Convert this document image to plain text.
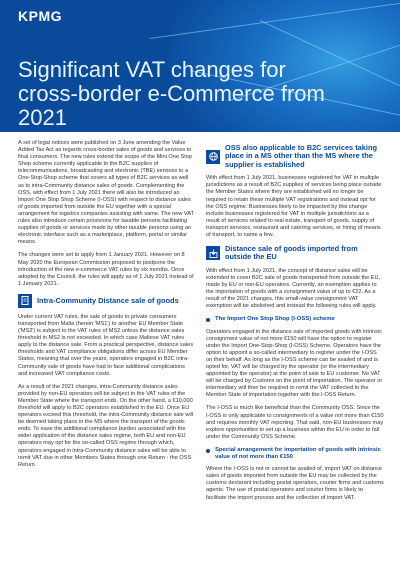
KPMG
Significant VAT changes for cross-border e-Commerce from 2021

A set of legal notices were published on 3 June amending the Value Added Tax Act as regards cross-border sales of goods and services to final consumers. The new rules extend the scope of the Mini One Stop Shop scheme currently applicable to the B2C supplies of telecommunications, broadcasting and electronic (TBE) services to a One-Stop-Shop scheme that covers all types of B2C services as well as to intra-Community distance sales of goods. Complementing the OSS, with effect from 1 July 2021 there will also be introduced an Import One Stop Shop Scheme (I-OSS) with respect to distance sales of goods imported from outside the EU together with a special arrangement for logistics companies assisting with same. The new VAT rules also introduce certain provisions for taxable persons facilitating supplies of goods or services made by other taxable persons using an electronic interface such as a marketplace, platform, portal or similar means.

The changes were set to apply from 1 January 2021. However on 8 May 2020 the European Commission proposed to postpone the introduction of the new e-commerce VAT rules by six months. Once adopted by the Council, the rules will apply as of 1 July 2021 instead of 1 January 2021.

Intra-Community Distance sale of goods

Under current VAT rules, the sale of goods to private consumers transported from Malta (herein 'MS1') to another EU Member State ('MS2') is subject to the VAT rules of MS2 unless the distance sales threshold in MS2 is not exceeded. In which case Maltese VAT rules apply to the distance sale. From a practical perspective, distance sales thresholds and VAT compliance obligations differ across EU Member States, meaning that over the years, operators engaged in B2C intra-Community sale of goods have had to face additional complications and increased VAT compliance costs.

As a result of the 2021 changes, intra-Community distance sales provided by non-EU operators will be subject to the VAT rules of the Member State where the transport ends. On the other hand, a €10,000 threshold will apply to B2C operators established in the EU. Once EU operators exceed this threshold, the intra-Community distance sale will be deemed taking place in the MS where the transport of the goods ends. To ease the additional compliance burden associated with the wider application of the distance sales regime, both EU and non-EU operators may opt for the so-called OSS regime through which, operators engaged in intra-Community distance sales will be able to remit VAT due in other Members States through one Return - the OSS Return.

OSS also applicable to B2C services taking place in a MS other than the MS where the supplier is established

With effect from 1 July 2021, businesses registered for VAT in multiple jurisdictions as a result of B2C supplies of services being place outside the Member States where they are established will no longer be required to retain these multiple VAT registrations and instead opt for the OSS regime. Businesses likely to be impacted by this change include businesses registered for VAT in multiple jurisdictions as a result of services related to real estate, transport of goods, supply of transport services, restaurant and catering services, or hiring of means of transport, to name a few.

Distance sale of goods imported from outside the EU

With effect from 1 July 2021, the concept of distance sales will be extended to cover B2C sale of goods transported from outside the EU, made by EU or non-EU operators. Currently, an exemption applies to the importation of goods with a consignment value of up to €22. As a result of the 2021 changes, this small-value consignment VAT exemption will be abolished and instead the following rules will apply.

The Import One Stop Shop (I-OSS) scheme

Operators engaged in the distance sale of imported goods with intrinsic consignment value of not more €150 will have the option to register under the Import One-Stop-Shop (I-OSS) Scheme. Operators have the option to appoint a so-called intermediary to register under the I-OSS on their behalf. As long as the I-OSS scheme can be availed of and is opted for, VAT will be charged by the operator (or the intermediary appointed by the operator) at the point of sale to EU customer. No VAT will be charged by Customs on the point of importation. The operator or intermediary will then be required to remit the VAT collected to the Member State of importation together with the I-OSS Return.

The I-OSS is much like beneficial than the Community OSS. Since the I-OSS is only applicable to consignments of a value not more than €150 and requires monthly VAT reporting. That said, non-EU businesses may explore opportunities to set up a business within the EU in order to fall under the Community OSS Scheme.

Special arrangement for importation of goods with intrinsic value of not more than €150

Where the I-OSS is not or cannot be availed of, import VAT on distance sales of goods imported from outside the EU may be collected by the customs declarant including postal operators, courier firms and customs agents. The use of postal operators and courier firms is likely to facilitate the import process and the collection of import VAT.
